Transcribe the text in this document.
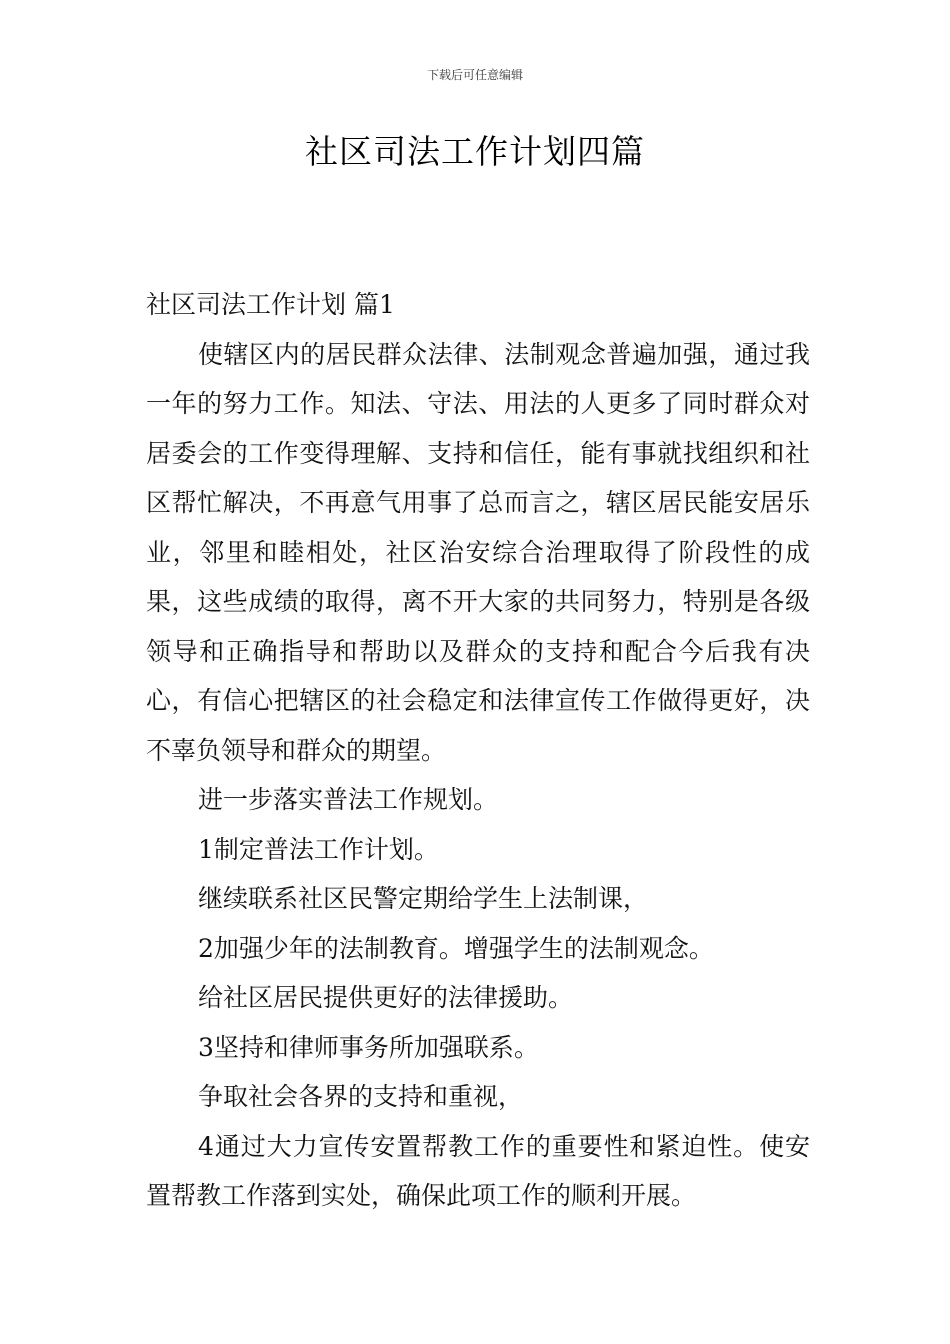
下载后可任意编辑
社区司法工作计划四篇

社区司法工作计划 篇1

使辖区内的居民群众法律、法制观念普遍加强，通过我一年的努力工作。知法、守法、用法的人更多了同时群众对居委会的工作变得理解、支持和信任，能有事就找组织和社区帮忙解决，不再意气用事了总而言之，辖区居民能安居乐业，邻里和睦相处，社区治安综合治理取得了阶段性的成果，这些成绩的取得，离不开大家的共同努力，特别是各级领导和正确指导和帮助以及群众的支持和配合今后我有决心，有信心把辖区的社会稳定和法律宣传工作做得更好，决不辜负领导和群众的期望。

进一步落实普法工作规划。

1制定普法工作计划。

继续联系社区民警定期给学生上法制课，

2加强少年的法制教育。增强学生的法制观念。

给社区居民提供更好的法律援助。

3坚持和律师事务所加强联系。

争取社会各界的支持和重视，

4通过大力宣传安置帮教工作的重要性和紧迫性。使安置帮教工作落到实处，确保此项工作的顺利开展。
